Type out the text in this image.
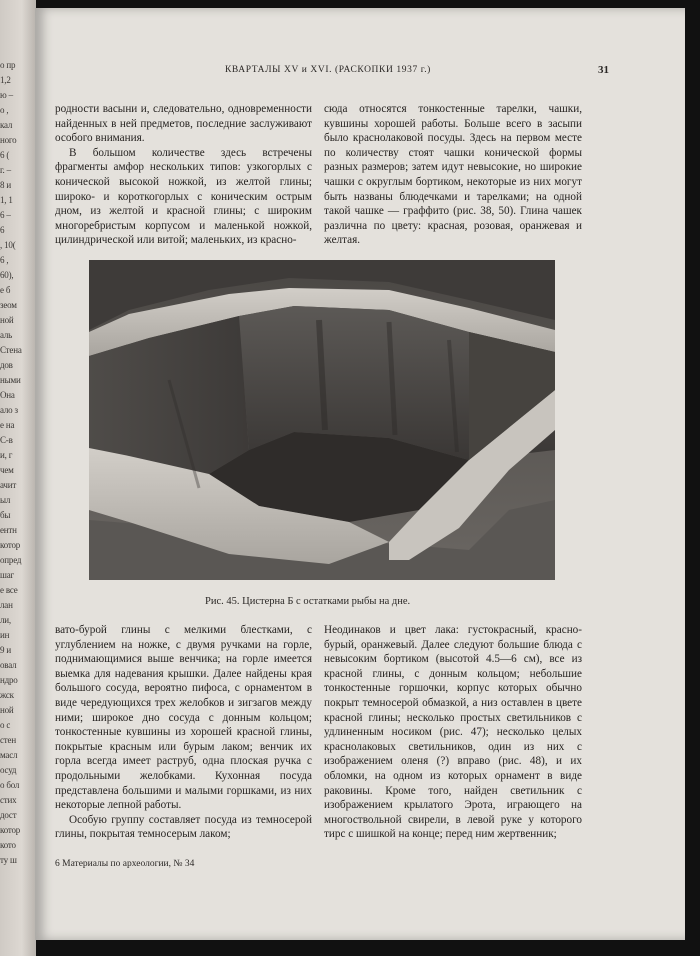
о пр
1,2
ю –
о ,
кал
ного
6 (
г. –
8 и
1, 1
6 –
6
, 10(
6 ,
60),
е б
зеом
ной
аль
Стена
дов
ными
Она
ало з
е на
С-в
и, г
чем
ачит
ыл
бы
ентн
котор
опред
шаг
е все
лан
ли,
ин
9 и
овал
ндро
жск
ной
о с
стен
масл
осуд
о бол
стих
дост
котор
кото
ту ш
КВАРТАЛЫ XV и XVI. (РАСКОПКИ 1937 г.)	31

родности васыни и, следовательно, одновременности найденных в ней предметов, последние заслуживают особого внимания.

В большом количестве здесь встречены фрагменты амфор нескольких типов: узкогорлых с конической высокой ножкой, из желтой глины; широко- и короткогорлых с коническим острым дном, из желтой и красной глины; с широким многоребристым корпусом и маленькой ножкой, цилиндрической или витой; маленьких, из красно-

сюда относятся тонкостенные тарелки, чашки, кувшины хорошей работы. Больше всего в засыпи было краснолаковой посуды. Здесь на первом месте по количеству стоят чашки конической формы разных размеров; затем идут невысокие, но широкие чашки с округлым бортиком, некоторые из них могут быть названы блюдечками и тарелками; на одной такой чашке — граффито (рис. 38, 50). Глина чашек различна по цвету: красная, розовая, оранжевая и желтая.

Рис. 45. Цистерна Б с остатками рыбы на дне.

вато-бурой глины с мелкими блестками, с углублением на ножке, с двумя ручками на горле, поднимающимися выше венчика; на горле имеется выемка для надевания крышки. Далее найдены края большого сосуда, вероятно пифоса, с орнаментом в виде чередующихся трех желобков и зигзагов между ними; широкое дно сосуда с донным кольцом; тонкостенные кувшины из хорошей красной глины, покрытые красным или бурым лаком; венчик их горла всегда имеет раструб, одна плоская ручка с продольными желобками. Кухонная посуда представлена большими и малыми горшками, из них некоторые лепной работы.

Особую группу составляет посуда из темносерой глины, покрытая темносерым лаком;

Неодинаков и цвет лака: густокрасный, красно-бурый, оранжевый. Далее следуют большие блюда с невысоким бортиком (высотой 4.5—6 см), все из красной глины, с донным кольцом; небольшие тонкостенные горшочки, корпус которых обычно покрыт темносерой обмазкой, а низ оставлен в цвете красной глины; несколько простых светильников с удлиненным носиком (рис. 47); несколько целых краснолаковых светильников, один из них с изображением оленя (?) вправо (рис. 48), и их обломки, на одном из которых орнамент в виде раковины. Кроме того, найден светильник с изображением крылатого Эрота, играющего на многоствольной свирели, в левой руке у которого тирс с шишкой на конце; перед ним жертвенник;

6 Материалы по археологии, № 34
